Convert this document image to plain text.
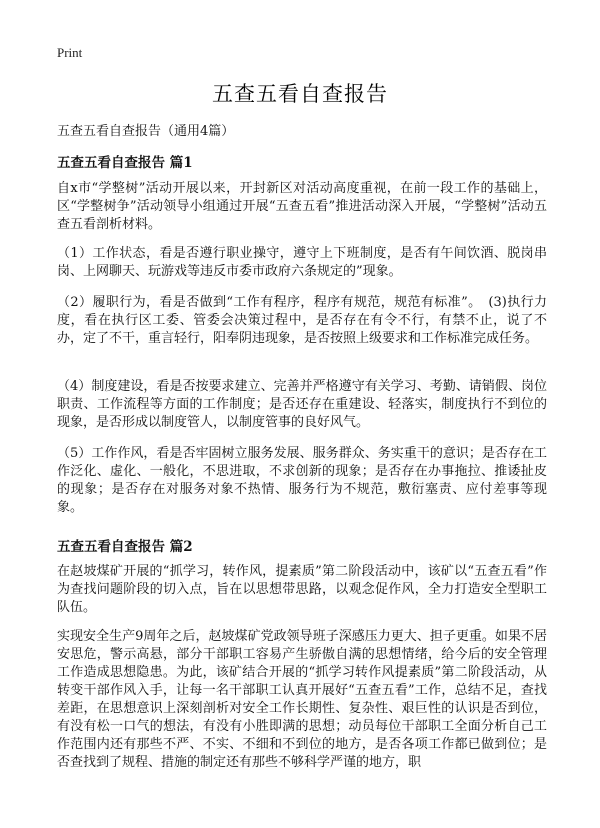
Print
五查五看自查报告

五查五看自查报告（通用4篇）

五查五看自查报告 篇1

自x市“学整树”活动开展以来，开封新区对活动高度重视，在前一段工作的基础上，区“学整树争”活动领导小组通过开展“五查五看”推进活动深入开展，“学整树”活动五查五看剖析材料。

（1）工作状态，看是否遵行职业操守，遵守上下班制度，是否有午间饮酒、脱岗串岗、上网聊天、玩游戏等违反市委市政府六条规定的”现象。

（2）履职行为，看是否做到“工作有程序，程序有规范，规范有标准”。　(3)执行力度，看在执行区工委、管委会决策过程中，是否存在有令不行，有禁不止，说了不办，定了不干，重言轻行，阳奉阴违现象，是否按照上级要求和工作标准完成任务。

（4）制度建设，看是否按要求建立、完善并严格遵守有关学习、考勤、请销假、岗位职责、工作流程等方面的工作制度；是否还存在重建设、轻落实，制度执行不到位的现象，是否形成以制度管人，以制度管事的良好风气。

（5）工作作风，看是否牢固树立服务发展、服务群众、务实重干的意识；是否存在工作泛化、虚化、一般化，不思进取，不求创新的现象；是否存在办事拖拉、推诿扯皮的现象；是否存在对服务对象不热情、服务行为不规范，敷衍塞责、应付差事等现象。

五查五看自查报告 篇2

在赵坡煤矿开展的“抓学习，转作风，提素质”第二阶段活动中，该矿以“五查五看”作为查找问题阶段的切入点，旨在以思想带思路，以观念促作风，全力打造安全型职工队伍。

实现安全生产9周年之后，赵坡煤矿党政领导班子深感压力更大、担子更重。如果不居安思危，警示高悬，部分干部职工容易产生骄傲自满的思想情绪，给今后的安全管理工作造成思想隐患。为此，该矿结合开展的“抓学习转作风提素质”第二阶段活动，从转变干部作风入手，让每一名干部职工认真开展好“五查五看”工作，总结不足，查找差距，在思想意识上深刻剖析对安全工作长期性、复杂性、艰巨性的认识是否到位，有没有松一口气的想法，有没有小胜即满的思想；动员每位干部职工全面分析自己工作范围内还有那些不严、不实、不细和不到位的地方，是否各项工作都已做到位；是否查找到了规程、措施的制定还有那些不够科学严谨的地方，职
